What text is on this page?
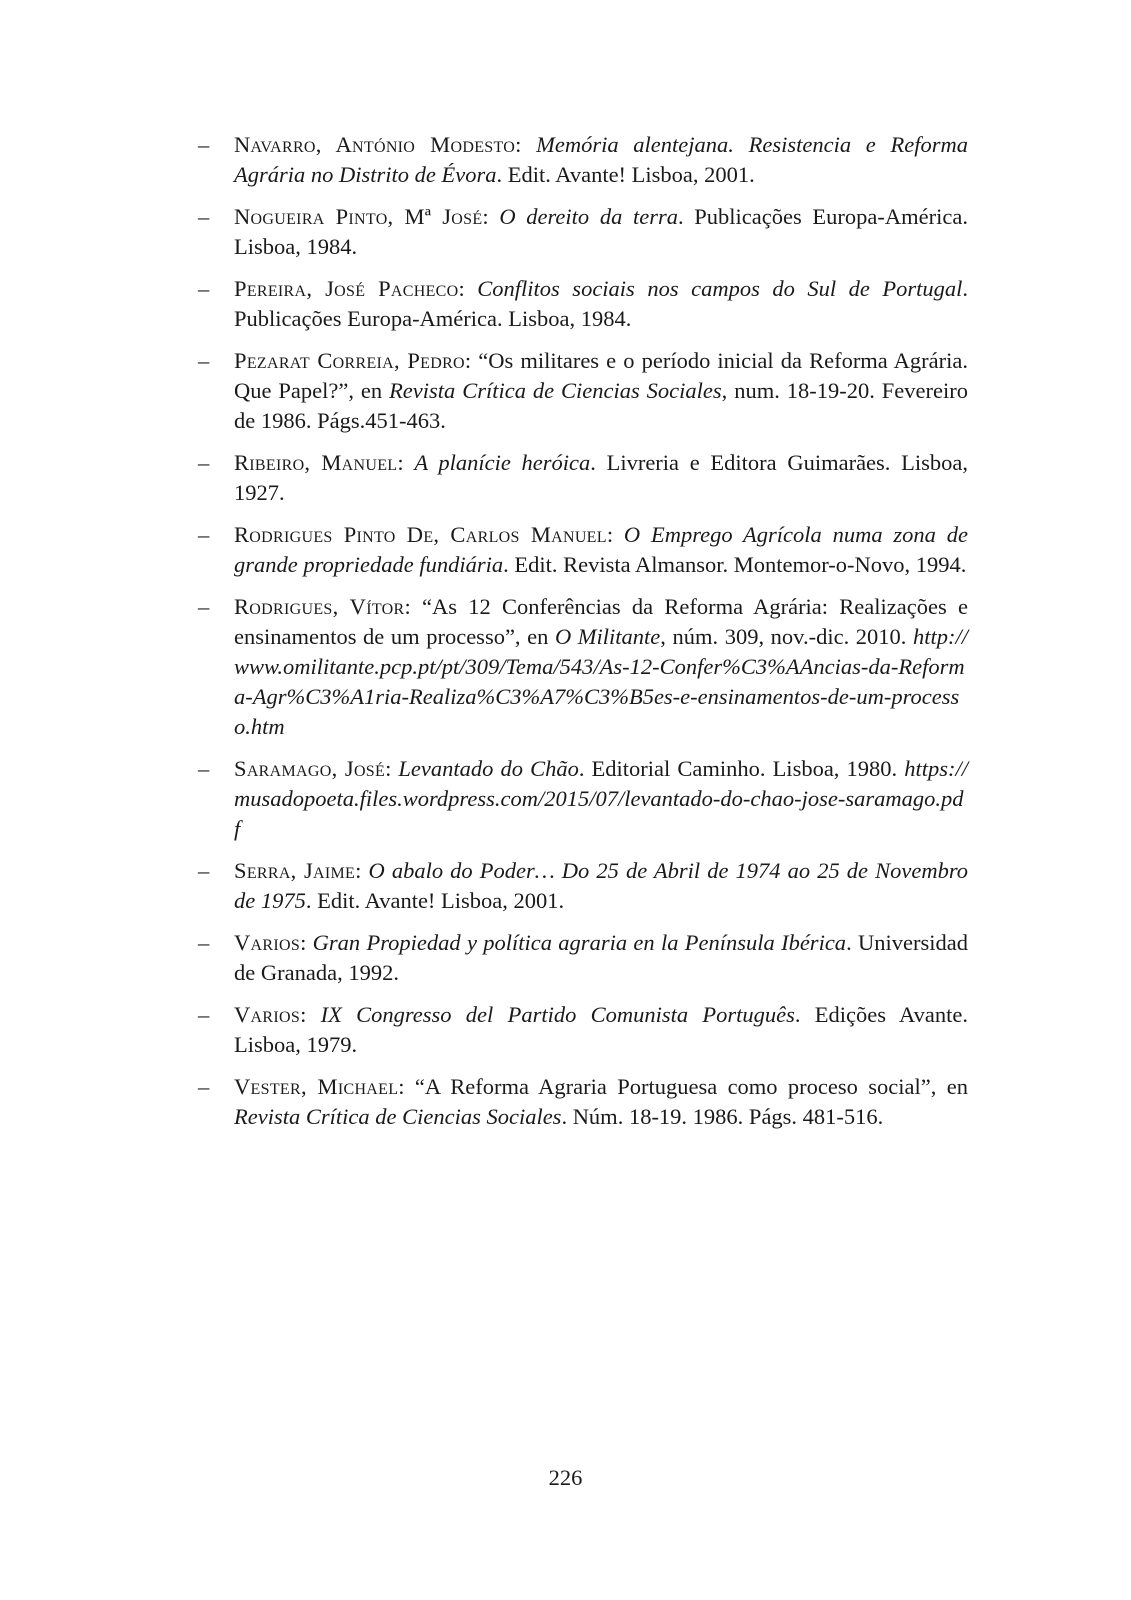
– Navarro, António Modesto: Memória alentejana. Resistencia e Reforma Agrária no Distrito de Évora. Edit. Avante! Lisboa, 2001.
– Nogueira Pinto, Mª José: O dereito da terra. Publicações Europa-América. Lisboa, 1984.
– Pereira, José Pacheco: Conflitos sociais nos campos do Sul de Portugal. Publicações Europa-América. Lisboa, 1984.
– Pezarat Correia, Pedro: “Os militares e o período inicial da Reforma Agrária. Que Papel?”, en Revista Crítica de Ciencias Sociales, num. 18-19-20. Fevereiro de 1986. Págs.451-463.
– Ribeiro, Manuel: A planície heróica. Livreria e Editora Guimarães. Lisboa, 1927.
– Rodrigues Pinto De, Carlos Manuel: O Emprego Agrícola numa zona de grande propriedade fundiária. Edit. Revista Almansor. Montemor-o-Novo, 1994.
– Rodrigues, Vítor: “As 12 Conferências da Reforma Agrária: Realizações e ensinamentos de um processo”, en O Militante, núm. 309, nov.-dic. 2010. http://www.omilitante.pcp.pt/pt/309/Tema/543/As-12-Confer%C3%AAncias-da-Reforma-Agr%C3%A1ria-Realiza%C3%A7%C3%B5es-e-ensinamentos-de-um-processo.htm
– Saramago, José: Levantado do Chão. Editorial Caminho. Lisboa, 1980. https://musadopoeta.files.wordpress.com/2015/07/levantado-do-chao-jose-saramago.pdf
– Serra, Jaime: O abalo do Poder… Do 25 de Abril de 1974 ao 25 de Novembro de 1975. Edit. Avante! Lisboa, 2001.
– Varios: Gran Propiedad y política agraria en la Península Ibérica. Universidad de Granada, 1992.
– Varios: IX Congresso del Partido Comunista Português. Edições Avante. Lisboa, 1979.
– Vester, Michael: “A Reforma Agraria Portuguesa como proceso social”, en Revista Crítica de Ciencias Sociales. Núm. 18-19. 1986. Págs. 481-516.
226
